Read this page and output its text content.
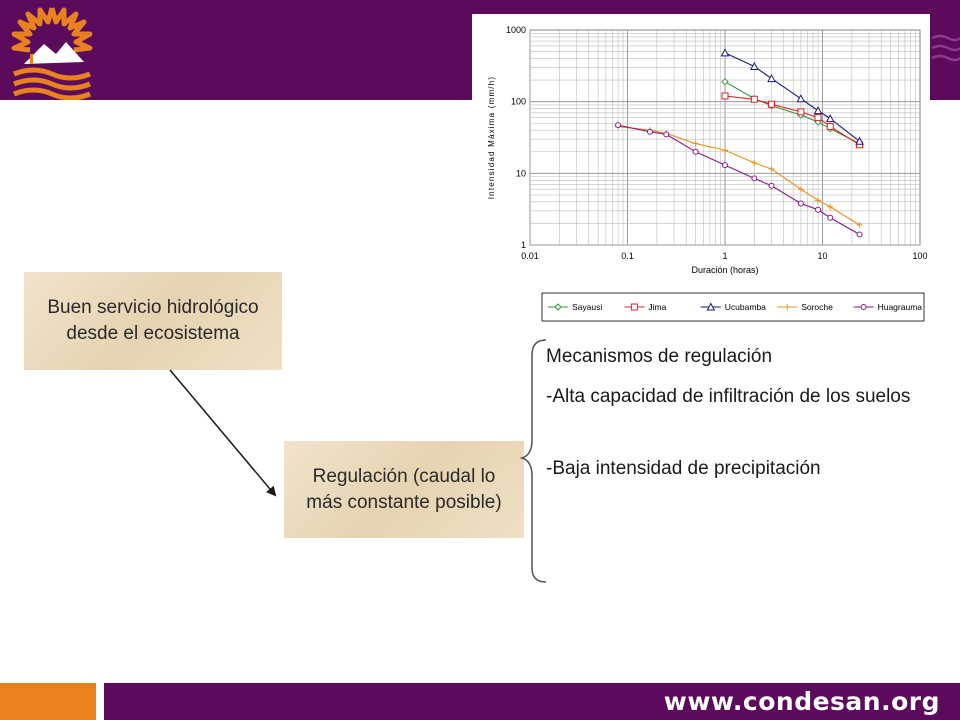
0.01	0.1	1	10	100
1
10
100
1000
Duración (horas)
Intensidad Máxima (mm/h)
Sayausi	Jima	Ucubamba	Soroche	Huagrauma
Buen servicio hidrológico desde el ecosistema
Regulación (caudal lo más constante posible)
Mecanismos de regulación
-Alta capacidad de infiltración de los suelos
-Baja intensidad de precipitación
www.condesan.org
